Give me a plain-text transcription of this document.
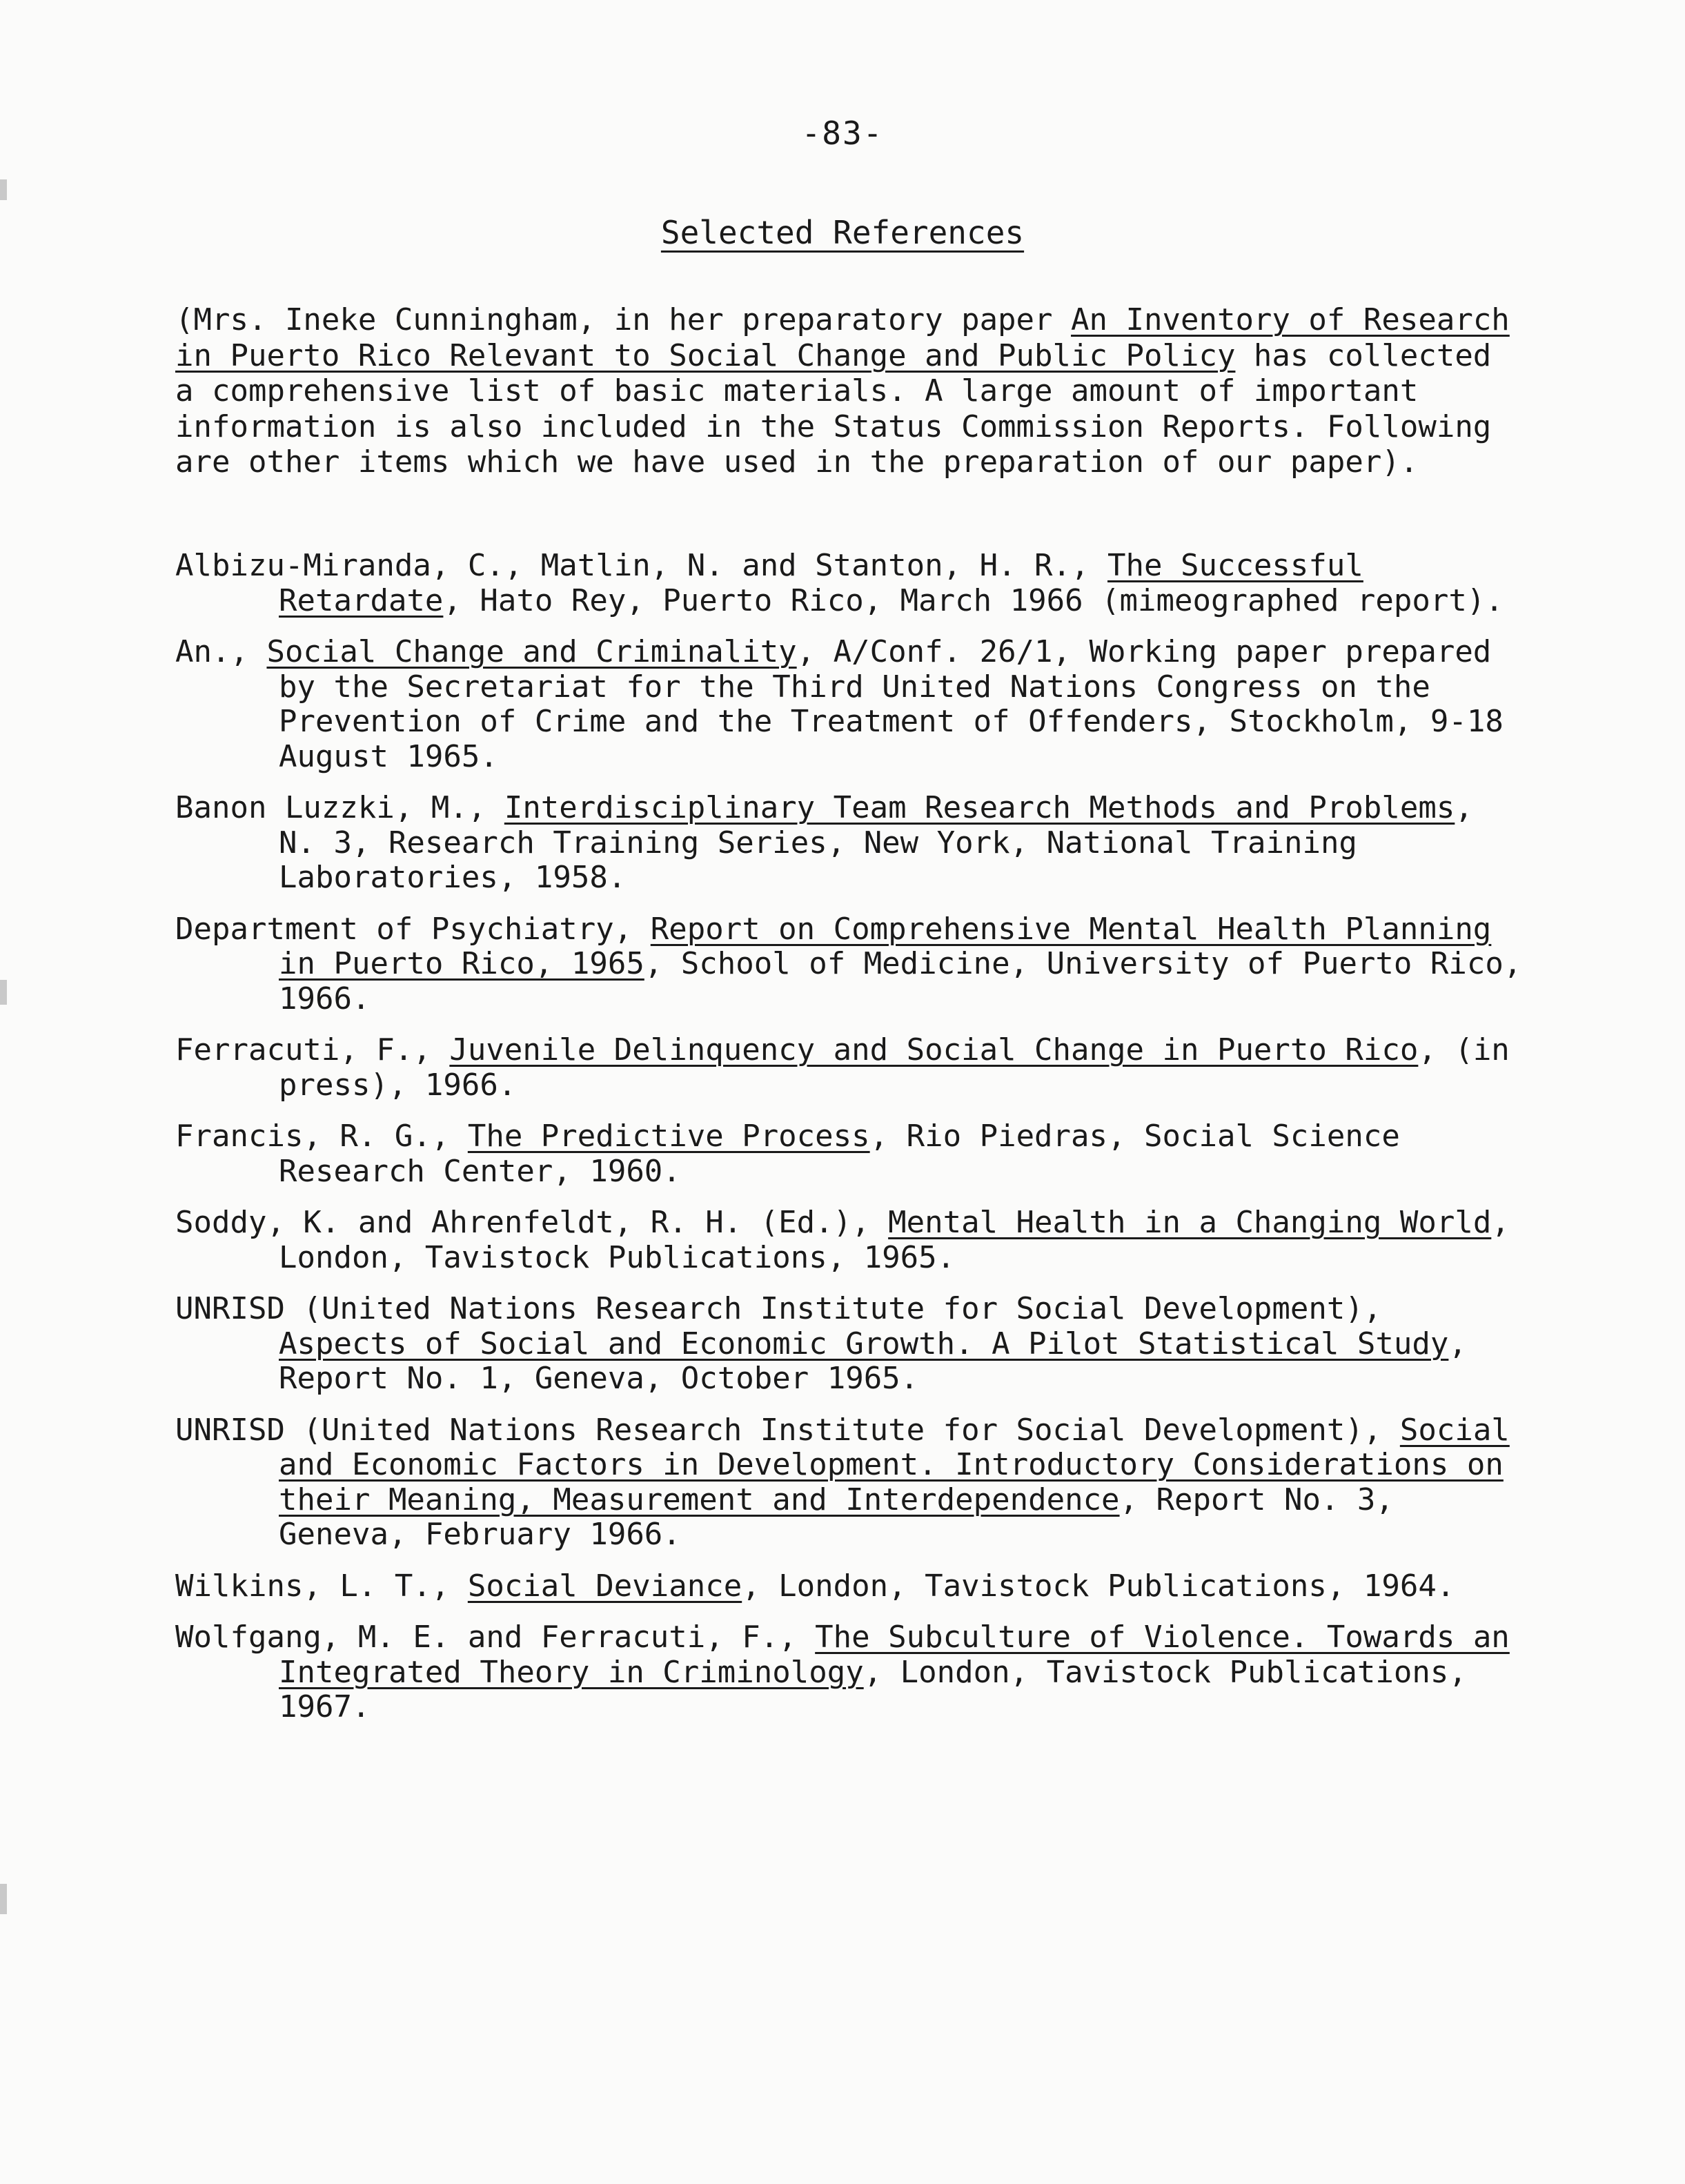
-83-
Selected References

(Mrs. Ineke Cunningham, in her preparatory paper An Inventory of Research in Puerto Rico Relevant to Social Change and Public Policy has collected a comprehensive list of basic materials. A large amount of important information is also included in the Status Commission Reports. Following are other items which we have used in the preparation of our paper).

Albizu-Miranda, C., Matlin, N. and Stanton, H. R., The Successful Retardate, Hato Rey, Puerto Rico, March 1966 (mimeographed report).
An., Social Change and Criminality, A/Conf. 26/1, Working paper prepared by the Secretariat for the Third United Nations Congress on the Prevention of Crime and the Treatment of Offenders, Stockholm, 9-18 August 1965.
Banon Luzzki, M., Interdisciplinary Team Research Methods and Problems, N. 3, Research Training Series, New York, National Training Laboratories, 1958.
Department of Psychiatry, Report on Comprehensive Mental Health Planning in Puerto Rico, 1965, School of Medicine, University of Puerto Rico, 1966.
Ferracuti, F., Juvenile Delinquency and Social Change in Puerto Rico, (in press), 1966.
Francis, R. G., The Predictive Process, Rio Piedras, Social Science Research Center, 1960.
Soddy, K. and Ahrenfeldt, R. H. (Ed.), Mental Health in a Changing World, London, Tavistock Publications, 1965.
UNRISD (United Nations Research Institute for Social Development), Aspects of Social and Economic Growth. A Pilot Statistical Study, Report No. 1, Geneva, October 1965.
UNRISD (United Nations Research Institute for Social Development), Social and Economic Factors in Development. Introductory Considerations on their Meaning, Measurement and Interdependence, Report No. 3, Geneva, February 1966.
Wilkins, L. T., Social Deviance, London, Tavistock Publications, 1964.
Wolfgang, M. E. and Ferracuti, F., The Subculture of Violence. Towards an Integrated Theory in Criminology, London, Tavistock Publications, 1967.
